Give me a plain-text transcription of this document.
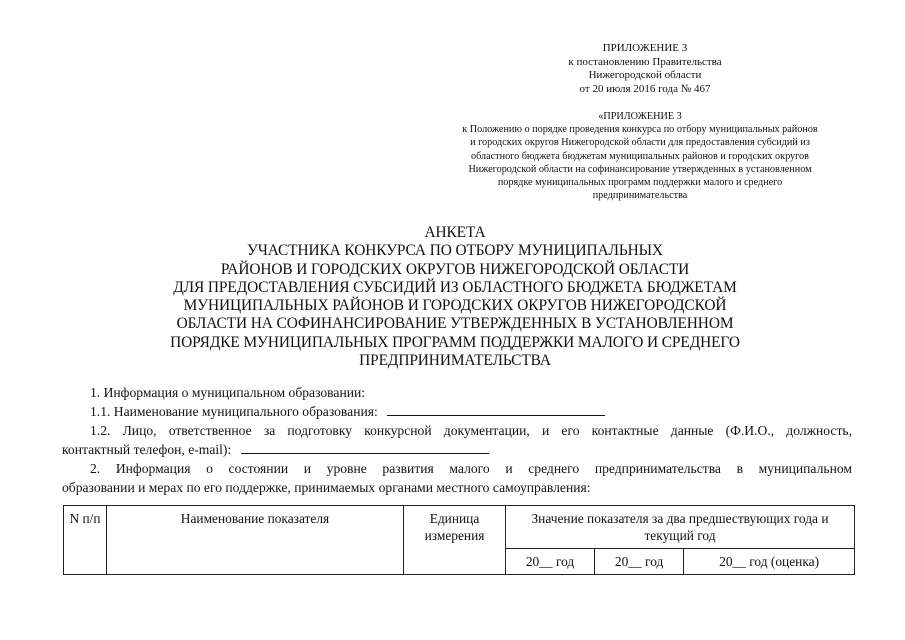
ПРИЛОЖЕНИЕ 3
к постановлению Правительства
Нижегородской области
от 20 июля 2016 года № 467
«ПРИЛОЖЕНИЕ 3
к Положению о порядке проведения конкурса по отбору муниципальных районов
и городских округов Нижегородской области для предоставления субсидий из
областного бюджета бюджетам муниципальных районов и городских округов
Нижегородской области на софинансирование утвержденных в установленном
порядке муниципальных программ поддержки малого и среднего
предпринимательства
АНКЕТА
УЧАСТНИКА КОНКУРСА ПО ОТБОРУ МУНИЦИПАЛЬНЫХ
РАЙОНОВ И ГОРОДСКИХ ОКРУГОВ НИЖЕГОРОДСКОЙ ОБЛАСТИ
ДЛЯ ПРЕДОСТАВЛЕНИЯ СУБСИДИЙ ИЗ ОБЛАСТНОГО БЮДЖЕТА БЮДЖЕТАМ
МУНИЦИПАЛЬНЫХ РАЙОНОВ И ГОРОДСКИХ ОКРУГОВ НИЖЕГОРОДСКОЙ
ОБЛАСТИ НА СОФИНАНСИРОВАНИЕ УТВЕРЖДЕННЫХ В УСТАНОВЛЕННОМ
ПОРЯДКЕ МУНИЦИПАЛЬНЫХ ПРОГРАММ ПОДДЕРЖКИ МАЛОГО И СРЕДНЕГО
ПРЕДПРИНИМАТЕЛЬСТВА
1. Информация о муниципальном образовании:
1.1. Наименование муниципального образования:
1.2. Лицо, ответственное за подготовку конкурсной документации, и его контактные данные (Ф.И.О., должность,
контактный телефон, e-mail):
2. Информация о состоянии и уровне развития малого и среднего предпринимательства в муниципальном
образовании и мерах по его поддержке, принимаемых органами местного самоуправления:
N п/п	Наименование показателя	Единица измерения	Значение показателя за два предшествующих года и текущий год		
			20__ год	20__ год	20__ год (оценка)
